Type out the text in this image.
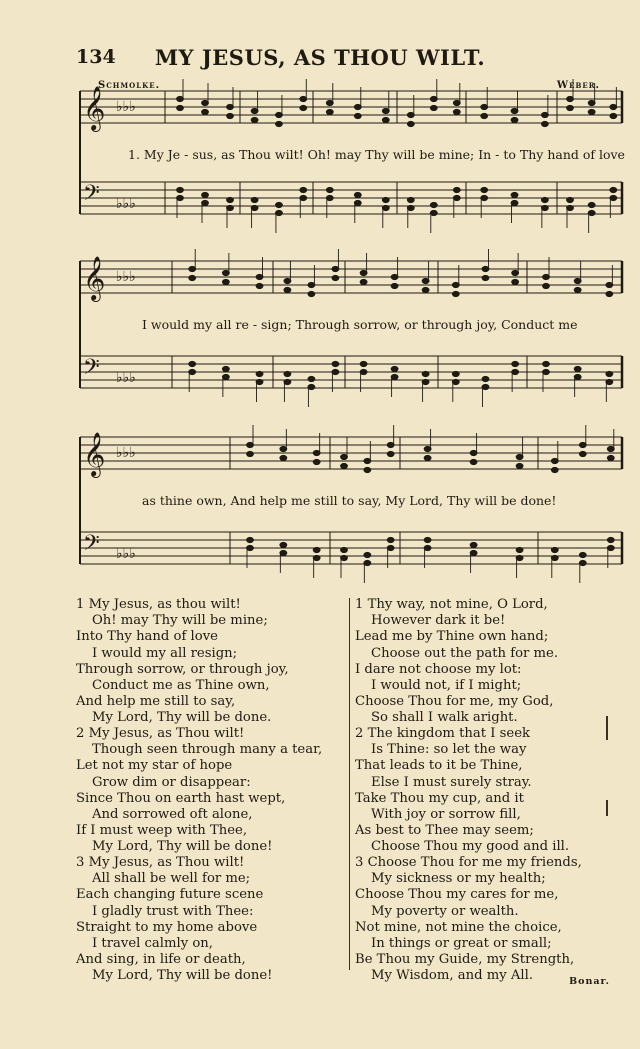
134	MY JESUS, AS THOU WILT.
Schmolke.	Weber.
𝄞 ♭♭♭
𝄢 ♭♭♭
𝄞 ♭♭♭
𝄢 ♭♭♭
𝄞 ♭♭♭
𝄢 ♭♭♭
1. My Je - sus, as Thou wilt! Oh! may Thy will be mine; In - to Thy hand of love
I would my all re - sign; Through sorrow, or through joy, Conduct me
as thine own, And help me still to say, My Lord, Thy will be done!
1 My Jesus, as thou wilt!
Oh! may Thy will be mine;
Into Thy hand of love
I would my all resign;
Through sorrow, or through joy,
Conduct me as Thine own,
And help me still to say,
My Lord, Thy will be done.
2 My Jesus, as Thou wilt!
Though seen through many a tear,
Let not my star of hope
Grow dim or disappear:
Since Thou on earth hast wept,
And sorrowed oft alone,
If I must weep with Thee,
My Lord, Thy will be done!
3 My Jesus, as Thou wilt!
All shall be well for me;
Each changing future scene
I gladly trust with Thee:
Straight to my home above
I travel calmly on,
And sing, in life or death,
My Lord, Thy will be done!
1 Thy way, not mine, O Lord,
However dark it be!
Lead me by Thine own hand;
Choose out the path for me.
I dare not choose my lot:
I would not, if I might;
Choose Thou for me, my God,
So shall I walk aright.
2 The kingdom that I seek
Is Thine: so let the way
That leads to it be Thine,
Else I must surely stray.
Take Thou my cup, and it
With joy or sorrow fill,
As best to Thee may seem;
Choose Thou my good and ill.
3 Choose Thou for me my friends,
My sickness or my health;
Choose Thou my cares for me,
My poverty or wealth.
Not mine, not mine the choice,
In things or great or small;
Be Thou my Guide, my Strength,
My Wisdom, and my All.	Bonar.
